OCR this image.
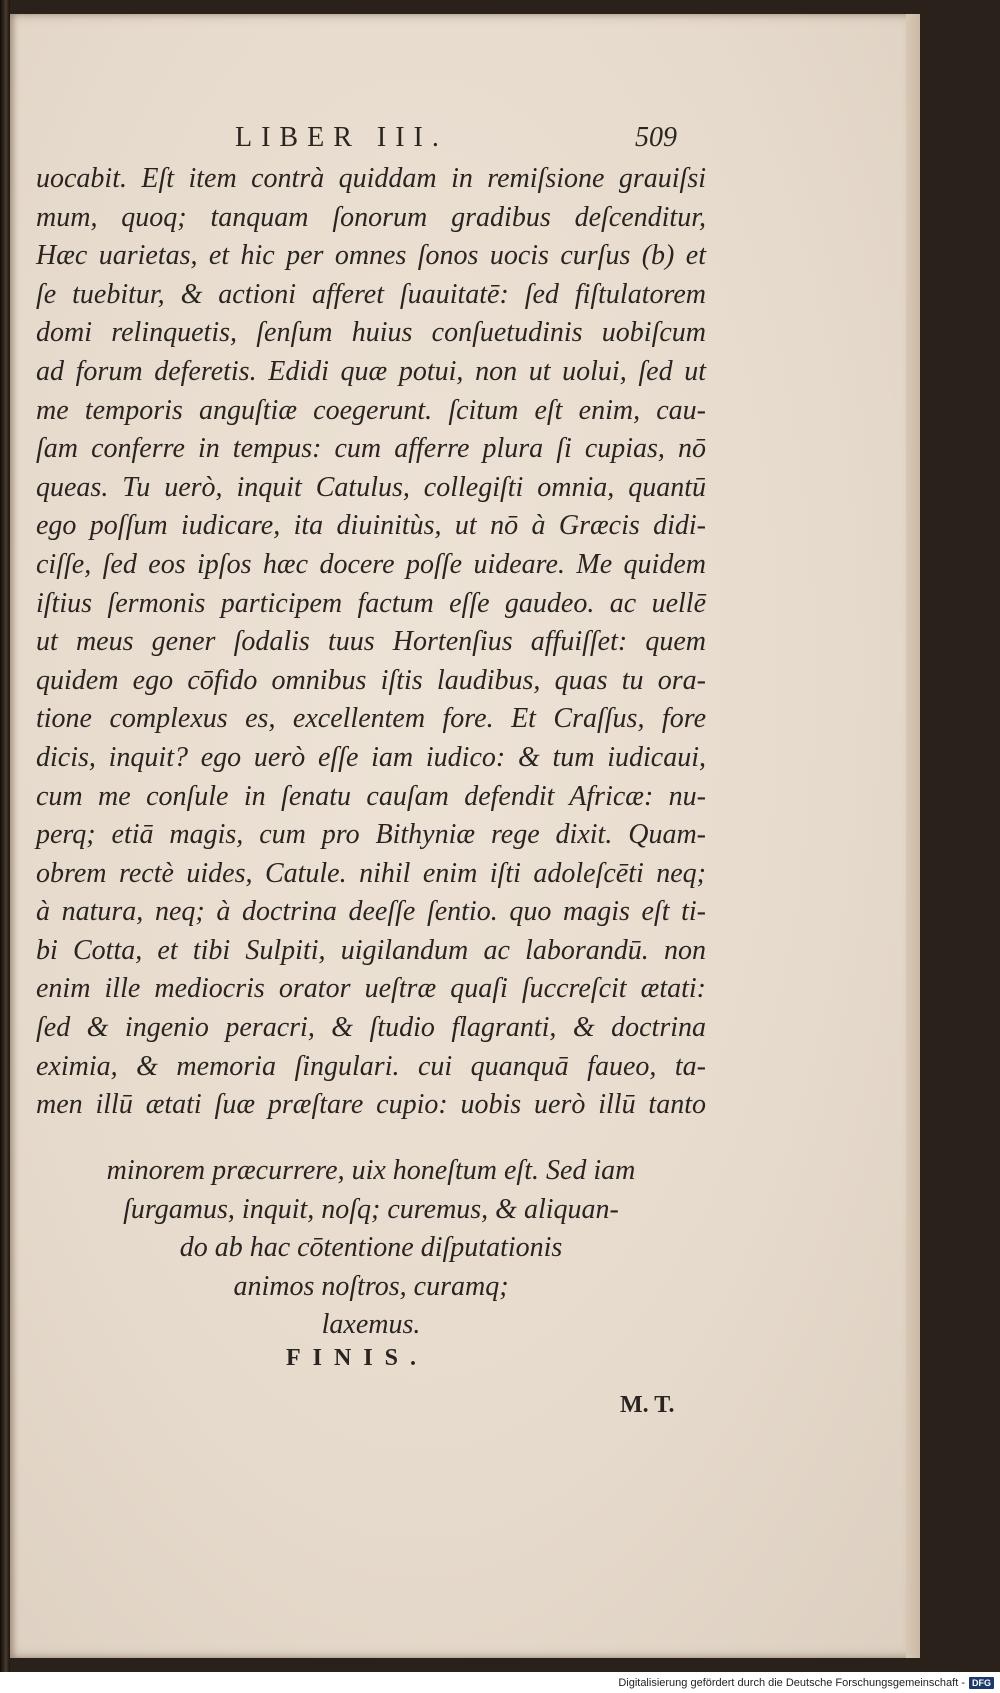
LIBER III.	509
uocabit. Eſt item contrà quiddam in remiſsione grauiſsi
mum, quoq; tanquam ſonorum gradibus deſcenditur,
Hæc uarietas, et hic per omnes ſonos uocis curſus (b) et
ſe tuebitur, & actioni afferet ſuauitatē: ſed fiſtulatorem
domi relinquetis, ſenſum huius conſuetudinis uobiſcum
ad forum deferetis. Edidi quæ potui, non ut uolui, ſed ut
me temporis anguſtiæ coegerunt. ſcitum eſt enim, cau-
ſam conferre in tempus: cum afferre plura ſi cupias, nō
queas. Tu uerò, inquit Catulus, collegiſti omnia, quantū
ego poſſum iudicare, ita diuinitùs, ut nō à Græcis didi-
ciſſe, ſed eos ipſos hæc docere poſſe uideare. Me quidem
iſtius ſermonis participem factum eſſe gaudeo. ac uellē
ut meus gener ſodalis tuus Hortenſius affuiſſet: quem
quidem ego cōfido omnibus iſtis laudibus, quas tu ora-
tione complexus es, excellentem fore. Et Craſſus, fore
dicis, inquit? ego uerò eſſe iam iudico: & tum iudicaui,
cum me conſule in ſenatu cauſam defendit Africæ: nu-
perq; etiā magis, cum pro Bithyniæ rege dixit. Quam-
obrem rectè uides, Catule. nihil enim iſti adoleſcēti neq;
à natura, neq; à doctrina deeſſe ſentio. quo magis eſt ti-
bi Cotta, et tibi Sulpiti, uigilandum ac laborandū. non
enim ille mediocris orator ueſtræ quaſi ſuccreſcit ætati:
ſed & ingenio peracri, & ſtudio flagranti, & doctrina
eximia, & memoria ſingulari. cui quanquā faueo, ta-
men illū ætati ſuæ præſtare cupio: uobis uerò illū tanto
minorem præcurrere, uix honeſtum eſt. Sed iam
ſurgamus, inquit, noſq; curemus, & aliquan-
do ab hac cōtentione diſputationis
animos noſtros, curamq;
laxemus.
FINIS.
M. T.
Digitalisierung gefördert durch die Deutsche Forschungsgemeinschaft - DFG
